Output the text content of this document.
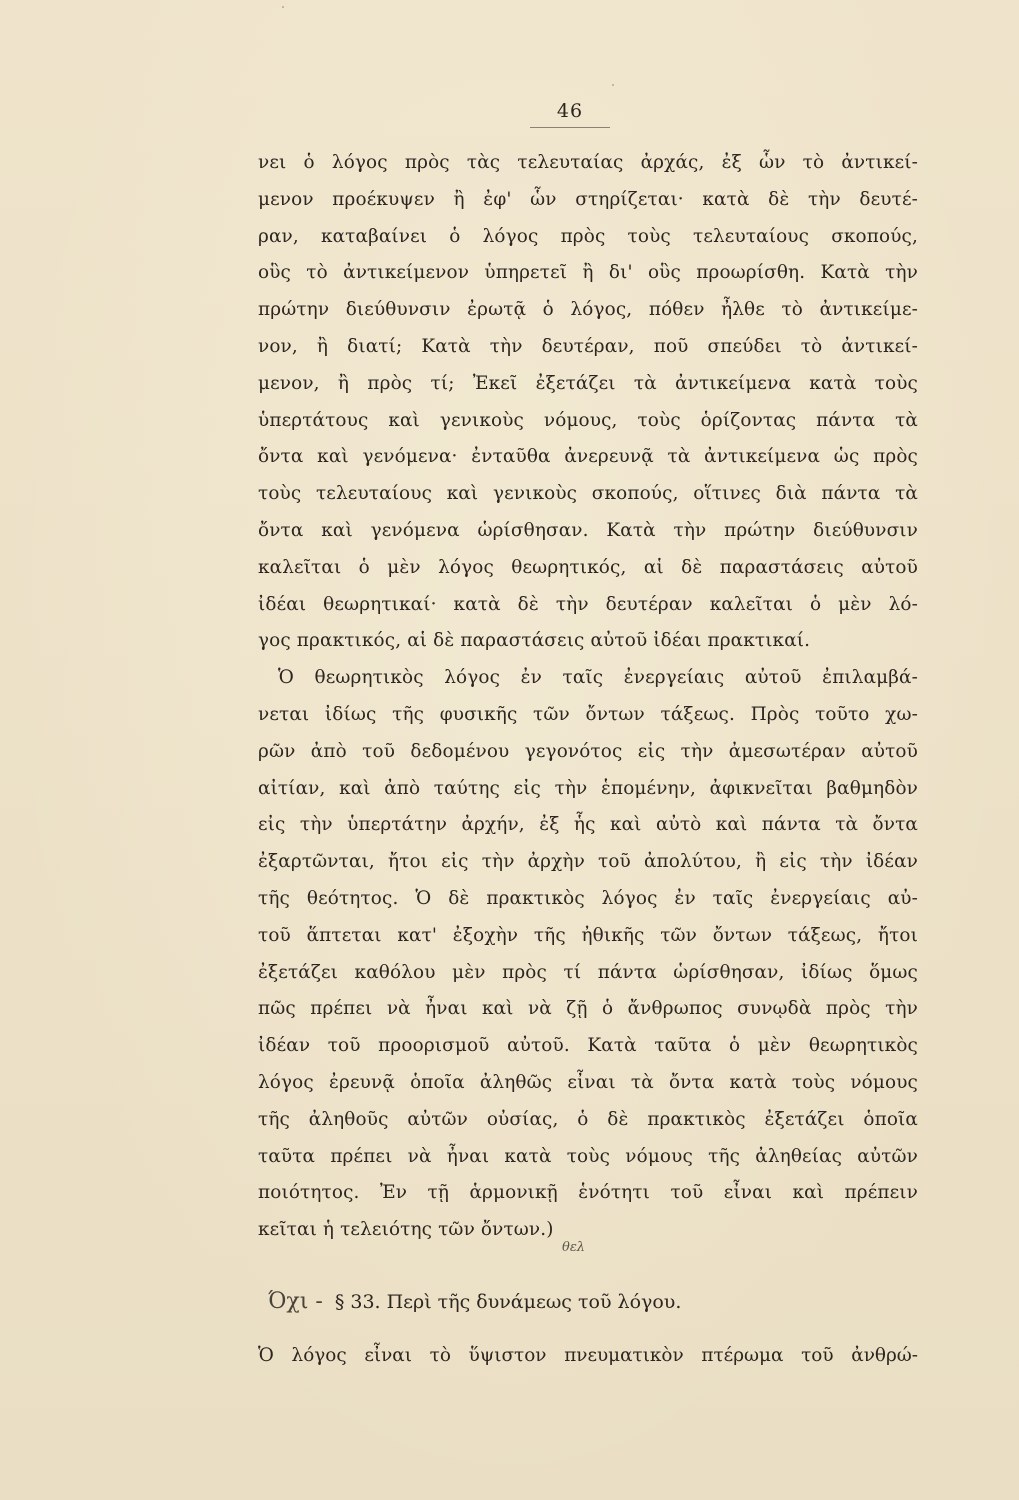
46
νει ὁ λόγος πρὸς τὰς τελευταίας ἀρχάς, ἐξ ὧν τὸ ἀντικεί-
μενον προέκυψεν ἢ ἐφ' ὧν στηρίζεται· κατὰ δὲ τὴν δευτέ-
ραν, καταβαίνει ὁ λόγος πρὸς τοὺς τελευταίους σκοπούς,
οὓς τὸ ἀντικείμενον ὑπηρετεῖ ἢ δι' οὓς προωρίσθη. Κατὰ τὴν
πρώτην διεύθυνσιν ἐρωτᾷ ὁ λόγος, πόθεν ἦλθε τὸ ἀντικείμε-
νον, ἢ διατί; Κατὰ τὴν δευτέραν, ποῦ σπεύδει τὸ ἀντικεί-
μενον, ἢ πρὸς τί; Ἐκεῖ ἐξετάζει τὰ ἀντικείμενα κατὰ τοὺς
ὑπερτάτους καὶ γενικοὺς νόμους, τοὺς ὁρίζοντας πάντα τὰ
ὄντα καὶ γενόμενα· ἐνταῦθα ἀνερευνᾷ τὰ ἀντικείμενα ὡς πρὸς
τοὺς τελευταίους καὶ γενικοὺς σκοπούς, οἵτινες διὰ πάντα τὰ
ὄντα καὶ γενόμενα ὡρίσθησαν. Κατὰ τὴν πρώτην διεύθυνσιν
καλεῖται ὁ μὲν λόγος θεωρητικός, αἱ δὲ παραστάσεις αὐτοῦ
ἰδέαι θεωρητικαί· κατὰ δὲ τὴν δευτέραν καλεῖται ὁ μὲν λό-
γος πρακτικός, αἱ δὲ παραστάσεις αὐτοῦ ἰδέαι πρακτικαί.
Ὁ θεωρητικὸς λόγος ἐν ταῖς ἐνεργείαις αὐτοῦ ἐπιλαμβά-
νεται ἰδίως τῆς φυσικῆς τῶν ὄντων τάξεως. Πρὸς τοῦτο χω-
ρῶν ἀπὸ τοῦ δεδομένου γεγονότος εἰς τὴν ἀμεσωτέραν αὐτοῦ
αἰτίαν, καὶ ἀπὸ ταύτης εἰς τὴν ἑπομένην, ἀφικνεῖται βαθμηδὸν
εἰς τὴν ὑπερτάτην ἀρχήν, ἐξ ἧς καὶ αὐτὸ καὶ πάντα τὰ ὄντα
ἐξαρτῶνται, ἤτοι εἰς τὴν ἀρχὴν τοῦ ἀπολύτου, ἢ εἰς τὴν ἰδέαν
τῆς θεότητος. Ὁ δὲ πρακτικὸς λόγος ἐν ταῖς ἐνεργείαις αὐ-
τοῦ ἅπτεται κατ' ἐξοχὴν τῆς ἠθικῆς τῶν ὄντων τάξεως, ἤτοι
ἐξετάζει καθόλου μὲν πρὸς τί πάντα ὡρίσθησαν, ἰδίως ὅμως
πῶς πρέπει νὰ ἦναι καὶ νὰ ζῇ ὁ ἄνθρωπος συνῳδὰ πρὸς τὴν
ἰδέαν τοῦ προορισμοῦ αὐτοῦ. Κατὰ ταῦτα ὁ μὲν θεωρητικὸς
λόγος ἐρευνᾷ ὁποῖα ἀληθῶς εἶναι τὰ ὄντα κατὰ τοὺς νόμους
τῆς ἀληθοῦς αὐτῶν οὐσίας, ὁ δὲ πρακτικὸς ἐξετάζει ὁποῖα
ταῦτα πρέπει νὰ ἦναι κατὰ τοὺς νόμους τῆς ἀληθείας αὐτῶν
ποιότητος. Ἐν τῇ ἁρμονικῇ ἑνότητι τοῦ εἶναι καὶ πρέπειν
κεῖται ἡ τελειότης τῶν ὄντων.)
θελ
Όχι - § 33. Περὶ τῆς δυνάμεως τοῦ λόγου.
Ὁ λόγος εἶναι τὸ ὕψιστον πνευματικὸν πτέρωμα τοῦ ἀνθρώ-
